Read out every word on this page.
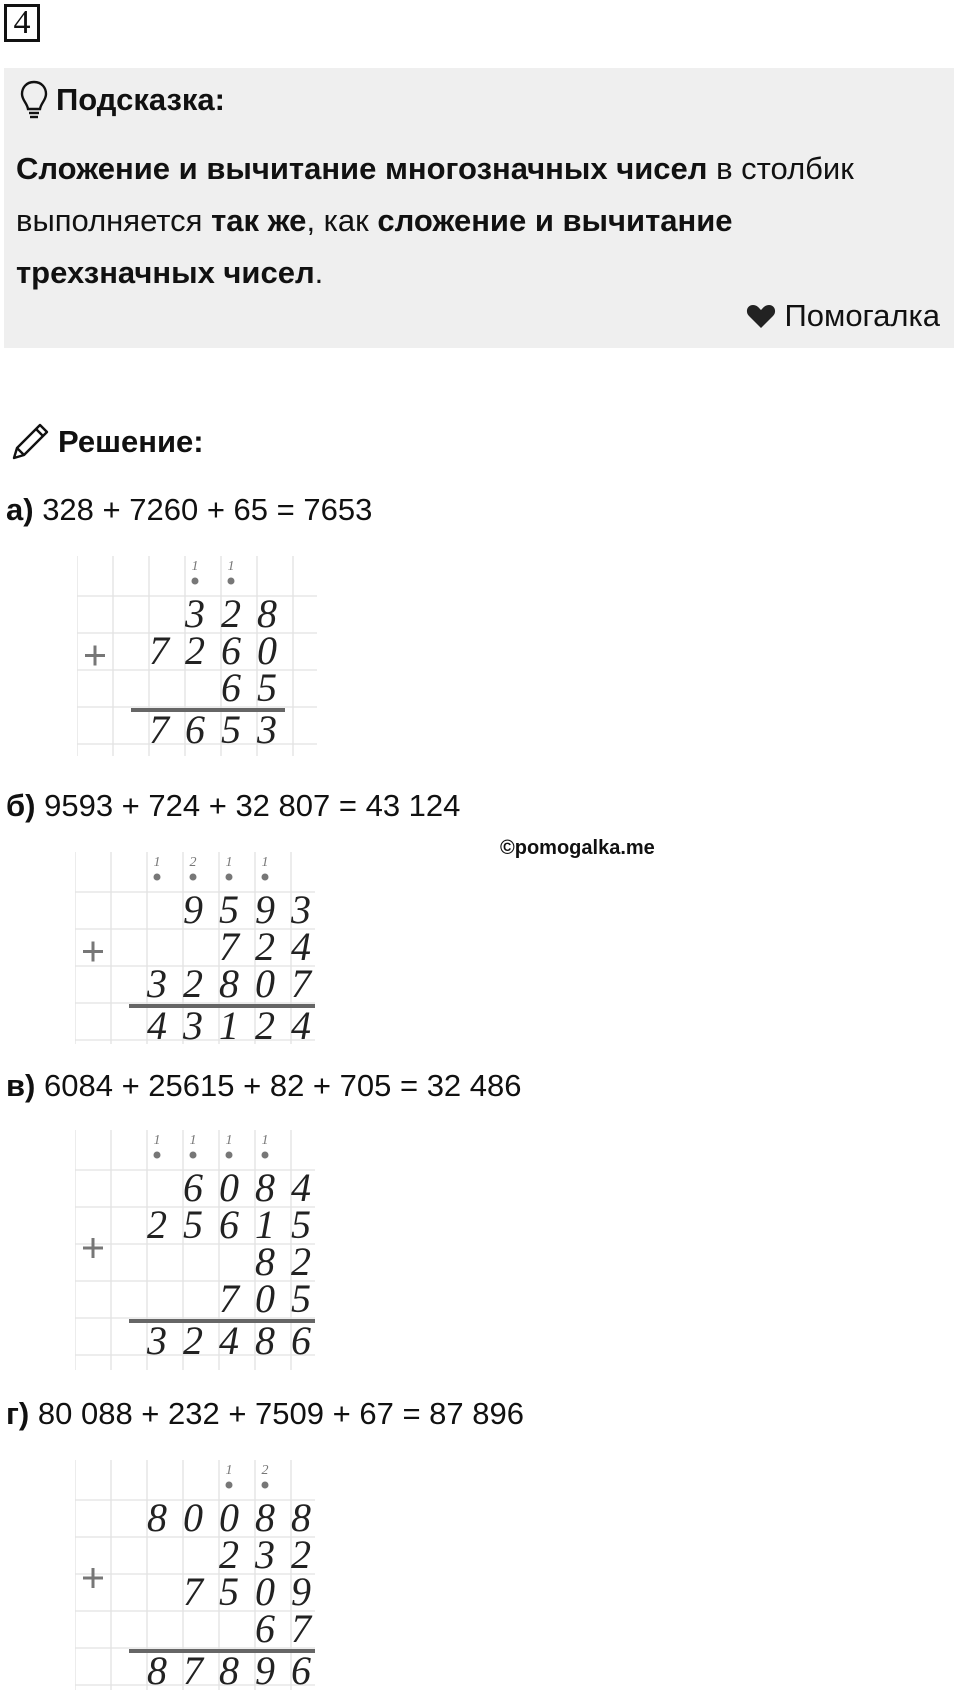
4
Подсказка:
Сложение и вычитание многозначных чисел в столбик выполняется так же, как сложение и вычитание трехзначных чисел.
Помогалка
Решение:
а) 328 + 7260 + 65 = 7653
1 1
3 2 8
7 2 6 0
6 5
7 6 5 3
б) 9593 + 724 + 32 807 = 43 124
©pomogalka.me
1 2 1 1
9 5 9 3
7 2 4
3 2 8 0 7
4 3 1 2 4
в) 6084 + 25615 + 82 + 705 = 32 486
1 1 1 1
6 0 8 4
2 5 6 1 5
8 2
7 0 5
3 2 4 8 6
г) 80 088 + 232 + 7509 + 67 = 87 896
1 2
8 0 0 8 8
2 3 2
7 5 0 9
6 7
8 7 8 9 6
